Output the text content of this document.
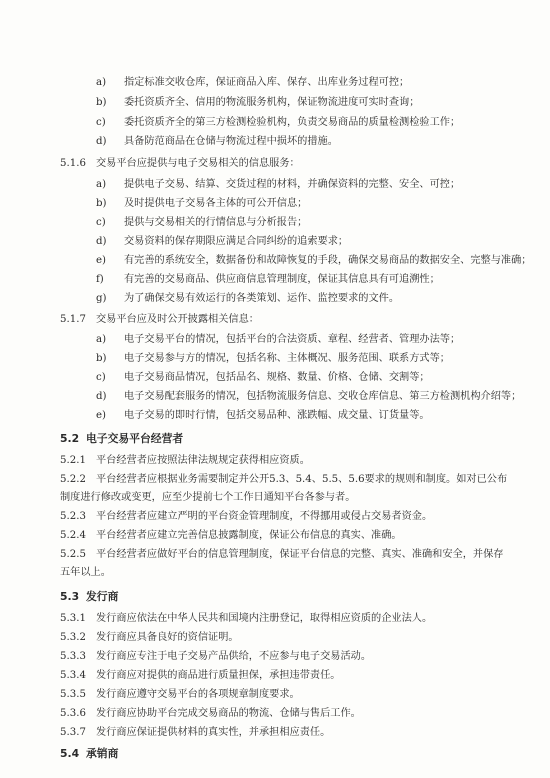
a)	指定标准交收仓库，保证商品入库、保存、出库业务过程可控；
b)	委托资质齐全、信用的物流服务机构，保证物流进度可实时查询；
c)	委托资质齐全的第三方检测检验机构，负责交易商品的质量检测检验工作；
d)	具备防范商品在仓储与物流过程中损坏的措施。
5.1.6 交易平台应提供与电子交易相关的信息服务：
a)	提供电子交易、结算、交货过程的材料，并确保资料的完整、安全、可控；
b)	及时提供电子交易各主体的可公开信息；
c)	提供与交易相关的行情信息与分析报告；
d)	交易资料的保存期限应满足合同纠纷的追索要求；
e)	有完善的系统安全，数据备份和故障恢复的手段，确保交易商品的数据安全、完整与准确；
f)	有完善的交易商品、供应商信息管理制度，保证其信息具有可追溯性；
g)	为了确保交易有效运行的各类策划、运作、监控要求的文件。
5.1.7 交易平台应及时公开披露相关信息：
a)	电子交易平台的情况，包括平台的合法资质、章程、经营者、管理办法等；
b)	电子交易参与方的情况，包括名称、主体概况、服务范围、联系方式等；
c)	电子交易商品情况，包括品名、规格、数量、价格、仓储、交割等；
d)	电子交易配套服务的情况，包括物流服务信息、交收仓库信息、第三方检测机构介绍等；
e)	电子交易的即时行情，包括交易品种、涨跌幅、成交量、订货量等。
5.2 电子交易平台经营者
5.2.1 平台经营者应按照法律法规规定获得相应资质。
5.2.2 平台经营者应根据业务需要制定并公开5.3、5.4、5.5、5.6要求的规则和制度。如对已公布
制度进行修改或变更，应至少提前七个工作日通知平台各参与者。
5.2.3 平台经营者应建立严明的平台资金管理制度，不得挪用或侵占交易者资金。
5.2.4 平台经营者应建立完善信息披露制度，保证公布信息的真实、准确。
5.2.5 平台经营者应做好平台的信息管理制度，保证平台信息的完整、真实、准确和安全，并保存
五年以上。
5.3 发行商
5.3.1 发行商应依法在中华人民共和国境内注册登记，取得相应资质的企业法人。
5.3.2 发行商应具备良好的资信证明。
5.3.3 发行商应专注于电子交易产品供给，不应参与电子交易活动。
5.3.4 发行商应对提供的商品进行质量担保，承担违带责任。
5.3.5 发行商应遵守交易平台的各项规章制度要求。
5.3.6 发行商应协助平台完成交易商品的物流、仓储与售后工作。
5.3.7 发行商应保证提供材料的真实性，并承担相应责任。
5.4 承销商
